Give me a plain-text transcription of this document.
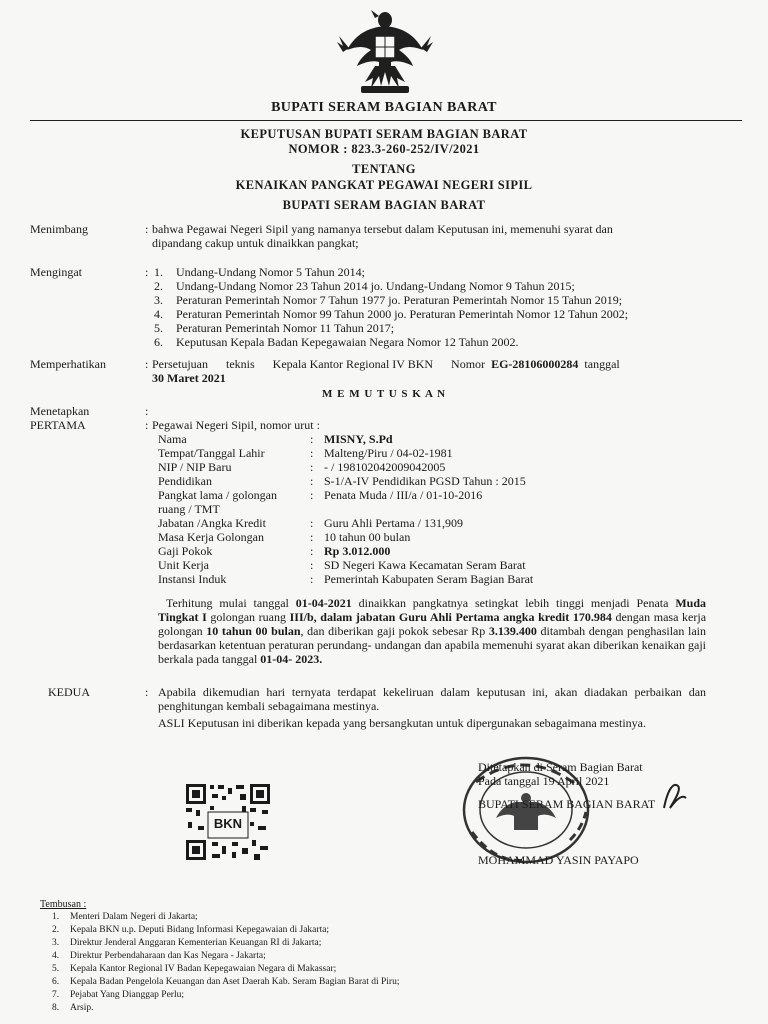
BUPATI SERAM BAGIAN BARAT
KEPUTUSAN BUPATI SERAM BAGIAN BARAT
NOMOR : 823.3-260-252/IV/2021
TENTANG
KENAIKAN PANGKAT PEGAWAI NEGERI SIPIL
BUPATI SERAM BAGIAN BARAT
Menimbang	: bahwa Pegawai Negeri Sipil yang namanya tersebut dalam Keputusan ini, memenuhi syarat dan
dipandang cakup untuk dinaikkan pangkat;
Mengingat	: 1. Undang-Undang Nomor 5 Tahun 2014;
2. Undang-Undang Nomor 23 Tahun 2014 jo. Undang-Undang Nomor 9 Tahun 2015;
3. Peraturan Pemerintah Nomor 7 Tahun 1977 jo. Peraturan Pemerintah Nomor 15 Tahun 2019;
4. Peraturan Pemerintah Nomor 99 Tahun 2000 jo. Peraturan Pemerintah Nomor 12 Tahun 2002;
5. Peraturan Pemerintah Nomor 11 Tahun 2017;
6. Keputusan Kepala Badan Kepegawaian Negara Nomor 12 Tahun 2002.
Memperhatikan	: Persetujuan      teknis      Kepala Kantor Regional IV BKN      Nomor EG-28106000284 tanggal
30 Maret 2021
M E M U T U S K A N
Menetapkan	:
PERTAMA	: Pegawai Negeri Sipil, nomor urut :
Nama	: MISNY, S.Pd
Tempat/Tanggal Lahir	: Malteng/Piru / 04-02-1981
NIP / NIP Baru	: - / 198102042009042005
Pendidikan	: S-1/A-IV Pendidikan PGSD Tahun : 2015
Pangkat lama / golongan	: Penata Muda / III/a / 01-10-2016
ruang / TMT
Jabatan /Angka Kredit	: Guru Ahli Pertama / 131,909
Masa Kerja Golongan	: 10 tahun 00 bulan
Gaji Pokok	: Rp 3.012.000
Unit Kerja	: SD Negeri Kawa Kecamatan Seram Barat
Instansi Induk	: Pemerintah Kabupaten Seram Bagian Barat
Terhitung mulai tanggal 01-04-2021 dinaikkan pangkatnya setingkat lebih tinggi menjadi Penata Muda Tingkat I golongan ruang III/b, dalam jabatan Guru Ahli Pertama angka kredit 170.984 dengan masa kerja golongan 10 tahun 00 bulan, dan diberikan gaji pokok sebesar Rp 3.139.400 ditambah dengan penghasilan lain berdasarkan ketentuan peraturan perundang- undangan dan apabila memenuhi syarat akan diberikan kenaikan gaji berkala pada tanggal 01-04- 2023.
KEDUA	: Apabila dikemudian hari ternyata terdapat kekeliruan dalam keputusan ini, akan diadakan perbaikan dan penghitungan kembali sebagaimana mestinya.
ASLI Keputusan ini diberikan kepada yang bersangkutan untuk dipergunakan sebagaimana mestinya.
BKN
Ditetapkan di Seram Bagian Barat
Pada tanggal 19 April 2021
BUPATI SERAM BAGIAN BARAT
MOHAMMAD YASIN PAYAPO
Tembusan :
1. Menteri Dalam Negeri di Jakarta;
2. Kepala BKN u.p. Deputi Bidang Informasi Kepegawaian di Jakarta;
3. Direktur Jenderal Anggaran Kementerian Keuangan RI di Jakarta;
4. Direktur Perbendaharaan dan Kas Negara - Jakarta;
5. Kepala Kantor Regional IV Badan Kepegawaian Negara di Makassar;
6. Kepala Badan Pengelola Keuangan dan Aset Daerah Kab. Seram Bagian Barat di Piru;
7. Pejabat Yang Dianggap Perlu;
8. Arsip.
